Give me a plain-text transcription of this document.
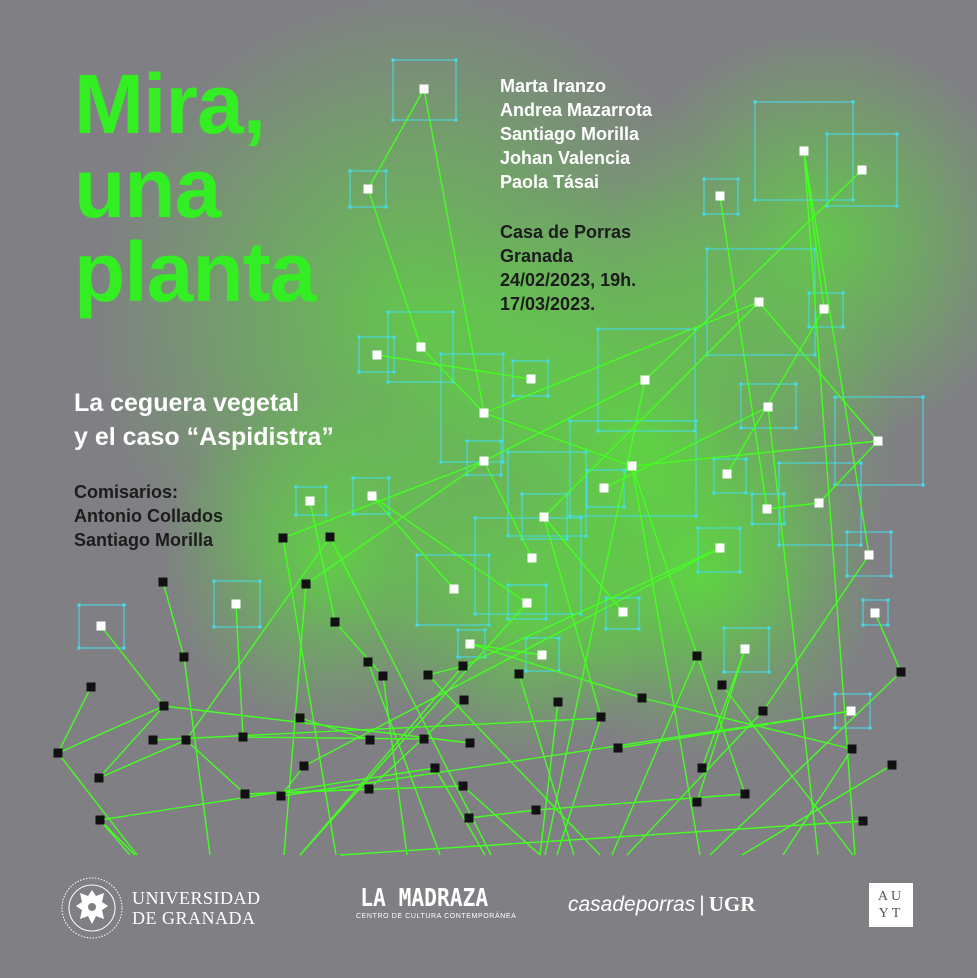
Mira,
una
planta
Marta Iranzo
Andrea Mazarrota
Santiago Morilla
Johan Valencia
Paola Tásai
Casa de Porras
Granada
24/02/2023, 19h.
17/03/2023.
La ceguera vegetal
y el caso “Aspidistra”
Comisarios:
Antonio Collados
Santiago Morilla
UNIVERSIDAD
DE GRANADA
LA MADRAZA
CENTRO DE CULTURA CONTEMPORÁNEA
casadeporras | UGR	AU
YT
